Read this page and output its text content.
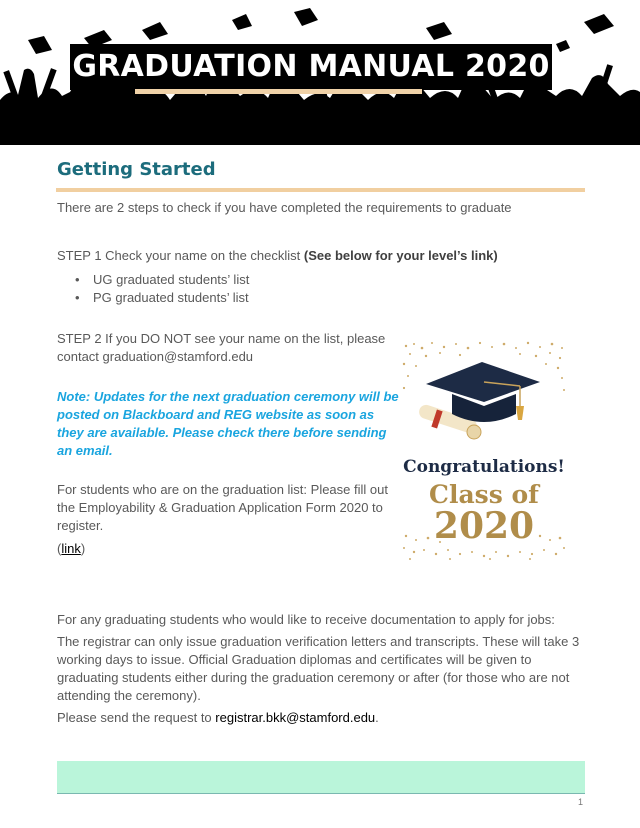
GRADUATION MANUAL 2020
Getting Started
There are 2 steps to check if you have completed the requirements to graduate
STEP 1 Check your name on the checklist (See below for your level’s link)
• UG graduated students’ list
• PG graduated students’ list
STEP 2 If you DO NOT see your name on the list, please contact graduation@stamford.edu
Note: Updates for the next graduation ceremony will be posted on Blackboard and REG website as soon as they are available. Please check there before sending an email.
For students who are on the graduation list: Please fill out the Employability & Graduation Application Form 2020 to register.
(link)
Congratulations!
Class of
2020
For any graduating students who would like to receive documentation to apply for jobs:
The registrar can only issue graduation verification letters and transcripts. These will take 3 working days to issue. Official Graduation diplomas and certificates will be given to graduating students either during the graduation ceremony or after (for those who are not attending the ceremony).
Please send the request to registrar.bkk@stamford.edu.
1
